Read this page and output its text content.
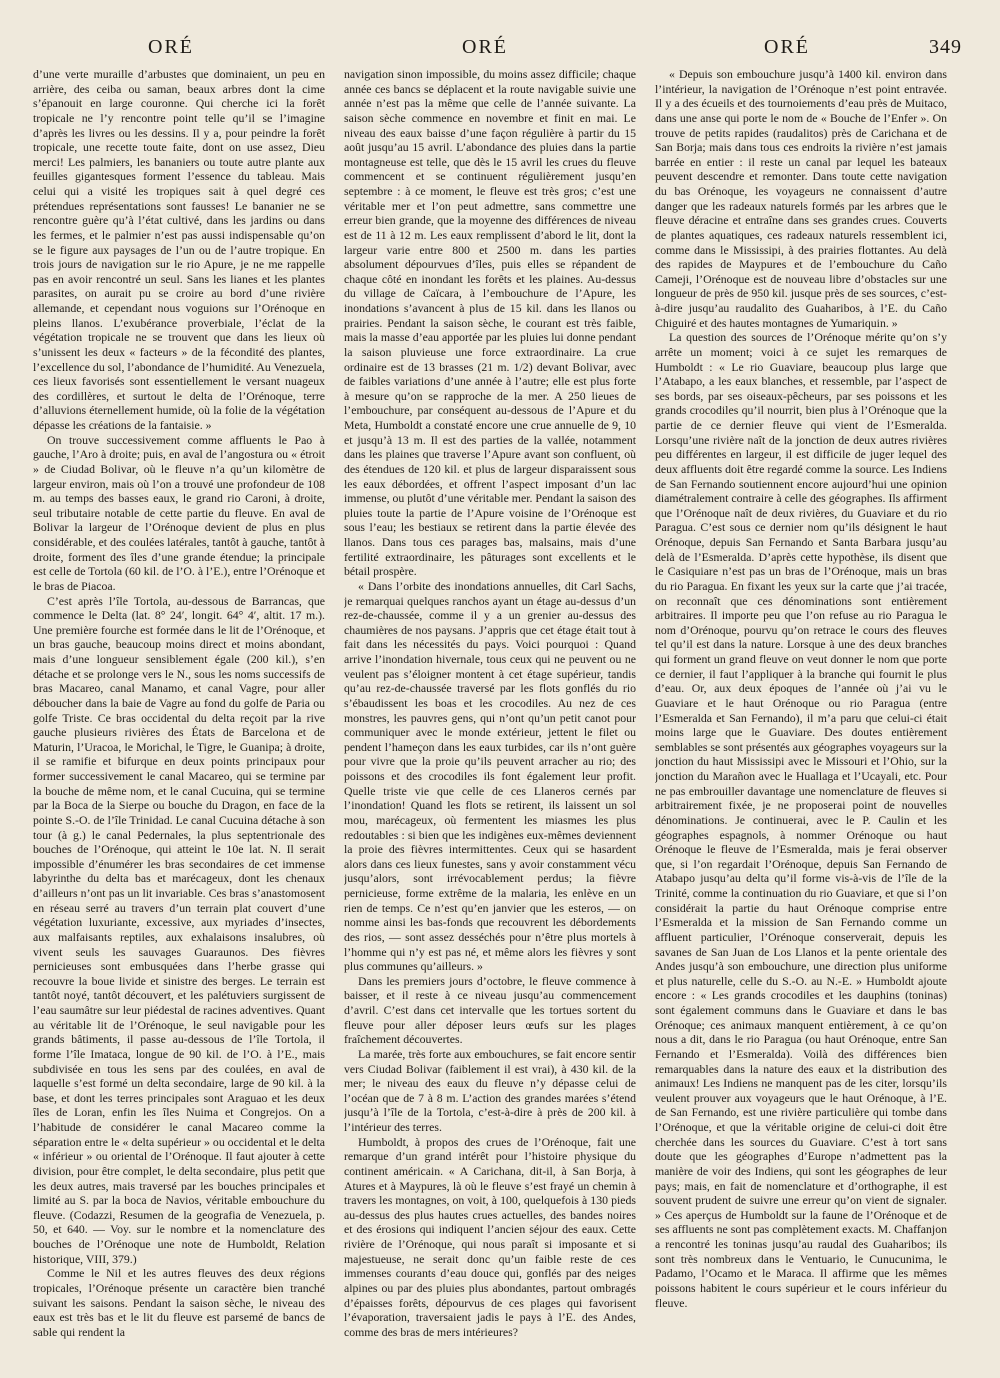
ORÉ	ORÉ	ORÉ	349

d’une verte muraille d’arbustes que dominaient, un peu en arrière, des ceiba ou saman, beaux arbres dont la cime s’épanouit en large couronne. Qui cherche ici la forêt tropicale ne l’y rencontre point telle qu’il se l’imagine d’après les livres ou les dessins. Il y a, pour peindre la forêt tropicale, une recette toute faite, dont on use assez, Dieu merci! Les palmiers, les bananiers ou toute autre plante aux feuilles gigantesques forment l’essence du tableau. Mais celui qui a visité les tropiques sait à quel degré ces prétendues représentations sont fausses! Le bananier ne se rencontre guère qu’à l’état cultivé, dans les jardins ou dans les fermes, et le palmier n’est pas aussi indispensable qu’on se le figure aux paysages de l’un ou de l’autre tropique. En trois jours de navigation sur le rio Apure, je ne me rappelle pas en avoir rencontré un seul. Sans les lianes et les plantes parasites, on aurait pu se croire au bord d’une rivière allemande, et cependant nous voguions sur l’Orénoque en pleins llanos. L’exubérance proverbiale, l’éclat de la végétation tropicale ne se trouvent que dans les lieux où s’unissent les deux « facteurs » de la fécondité des plantes, l’excellence du sol, l’abondance de l’humidité. Au Venezuela, ces lieux favorisés sont essentiellement le versant nuageux des cordillères, et surtout le delta de l’Orénoque, terre d’alluvions éternellement humide, où la folie de la végétation dépasse les créations de la fantaisie. »

On trouve successivement comme affluents le Pao à gauche, l’Aro à droite; puis, en aval de l’angostura ou « étroit » de Ciudad Bolivar, où le fleuve n’a qu’un kilomètre de largeur environ, mais où l’on a trouvé une profondeur de 108 m. au temps des basses eaux, le grand rio Caroni, à droite, seul tributaire notable de cette partie du fleuve. En aval de Bolivar la largeur de l’Orénoque devient de plus en plus considérable, et des coulées latérales, tantôt à gauche, tantôt à droite, forment des îles d’une grande étendue; la principale est celle de Tortola (60 kil. de l’O. à l’E.), entre l’Orénoque et le bras de Piacoa.

C’est après l’île Tortola, au-dessous de Barrancas, que commence le Delta (lat. 8° 24′, longit. 64° 4′, altit. 17 m.). Une première fourche est formée dans le lit de l’Orénoque, et un bras gauche, beaucoup moins direct et moins abondant, mais d’une longueur sensiblement égale (200 kil.), s’en détache et se prolonge vers le N., sous les noms successifs de bras Macareo, canal Manamo, et canal Vagre, pour aller déboucher dans la baie de Vagre au fond du golfe de Paria ou golfe Triste. Ce bras occidental du delta reçoit par la rive gauche plusieurs rivières des États de Barcelona et de Maturin, l’Uracoa, le Morichal, le Tigre, le Guanipa; à droite, il se ramifie et bifurque en deux points principaux pour former successivement le canal Macareo, qui se termine par la bouche de même nom, et le canal Cucuina, qui se termine par la Boca de la Sierpe ou bouche du Dragon, en face de la pointe S.-O. de l’île Trinidad. Le canal Cucuina détache à son tour (à g.) le canal Pedernales, la plus septentrionale des bouches de l’Orénoque, qui atteint le 10e lat. N. Il serait impossible d’énumérer les bras secondaires de cet immense labyrinthe du delta bas et marécageux, dont les chenaux d’ailleurs n’ont pas un lit invariable. Ces bras s’anastomosent en réseau serré au travers d’un terrain plat couvert d’une végétation luxuriante, excessive, aux myriades d’insectes, aux malfaisants reptiles, aux exhalaisons insalubres, où vivent seuls les sauvages Guaraunos. Des fièvres pernicieuses sont embusquées dans l’herbe grasse qui recouvre la boue livide et sinistre des berges. Le terrain est tantôt noyé, tantôt découvert, et les palétuviers surgissent de l’eau saumâtre sur leur piédestal de racines adventives. Quant au véritable lit de l’Orénoque, le seul navigable pour les grands bâtiments, il passe au-dessous de l’île Tortola, il forme l’île Imataca, longue de 90 kil. de l’O. à l’E., mais subdivisée en tous les sens par des coulées, en aval de laquelle s’est formé un delta secondaire, large de 90 kil. à la base, et dont les terres principales sont Araguao et les deux îles de Loran, enfin les îles Nuima et Congrejos. On a l’habitude de considérer le canal Macareo comme la séparation entre le « delta supérieur » ou occidental et le delta « inférieur » ou oriental de l’Orénoque. Il faut ajouter à cette division, pour être complet, le delta secondaire, plus petit que les deux autres, mais traversé par les bouches principales et limité au S. par la boca de Navios, véritable embouchure du fleuve. (Codazzi, Resumen de la geografia de Venezuela, p. 50, et 640. — Voy. sur le nombre et la nomenclature des bouches de l’Orénoque une note de Humboldt, Relation historique, VIII, 379.)

Comme le Nil et les autres fleuves des deux régions tropicales, l’Orénoque présente un caractère bien tranché suivant les saisons. Pendant la saison sèche, le niveau des eaux est très bas et le lit du fleuve est parsemé de bancs de sable qui rendent la

navigation sinon impossible, du moins assez difficile; chaque année ces bancs se déplacent et la route navigable suivie une année n’est pas la même que celle de l’année suivante. La saison sèche commence en novembre et finit en mai. Le niveau des eaux baisse d’une façon régulière à partir du 15 août jusqu’au 15 avril. L’abondance des pluies dans la partie montagneuse est telle, que dès le 15 avril les crues du fleuve commencent et se continuent régulièrement jusqu’en septembre : à ce moment, le fleuve est très gros; c’est une véritable mer et l’on peut admettre, sans commettre une erreur bien grande, que la moyenne des différences de niveau est de 11 à 12 m. Les eaux remplissent d’abord le lit, dont la largeur varie entre 800 et 2500 m. dans les parties absolument dépourvues d’îles, puis elles se répandent de chaque côté en inondant les forêts et les plaines. Au-dessus du village de Caïcara, à l’embouchure de l’Apure, les inondations s’avancent à plus de 15 kil. dans les llanos ou prairies. Pendant la saison sèche, le courant est très faible, mais la masse d’eau apportée par les pluies lui donne pendant la saison pluvieuse une force extraordinaire. La crue ordinaire est de 13 brasses (21 m. 1/2) devant Bolivar, avec de faibles variations d’une année à l’autre; elle est plus forte à mesure qu’on se rapproche de la mer. A 250 lieues de l’embouchure, par conséquent au-dessous de l’Apure et du Meta, Humboldt a constaté encore une crue annuelle de 9, 10 et jusqu’à 13 m. Il est des parties de la vallée, notamment dans les plaines que traverse l’Apure avant son confluent, où des étendues de 120 kil. et plus de largeur disparaissent sous les eaux débordées, et offrent l’aspect imposant d’un lac immense, ou plutôt d’une véritable mer. Pendant la saison des pluies toute la partie de l’Apure voisine de l’Orénoque est sous l’eau; les bestiaux se retirent dans la partie élevée des llanos. Dans tous ces parages bas, malsains, mais d’une fertilité extraordinaire, les pâturages sont excellents et le bétail prospère.

« Dans l’orbite des inondations annuelles, dit Carl Sachs, je remarquai quelques ranchos ayant un étage au-dessus d’un rez-de-chaussée, comme il y a un grenier au-dessus des chaumières de nos paysans. J’appris que cet étage était tout à fait dans les nécessités du pays. Voici pourquoi : Quand arrive l’inondation hivernale, tous ceux qui ne peuvent ou ne veulent pas s’éloigner montent à cet étage supérieur, tandis qu’au rez-de-chaussée traversé par les flots gonflés du rio s’ébaudissent les boas et les crocodiles. Au nez de ces monstres, les pauvres gens, qui n’ont qu’un petit canot pour communiquer avec le monde extérieur, jettent le filet ou pendent l’hameçon dans les eaux turbides, car ils n’ont guère pour vivre que la proie qu’ils peuvent arracher au rio; des poissons et des crocodiles ils font également leur profit. Quelle triste vie que celle de ces Llaneros cernés par l’inondation! Quand les flots se retirent, ils laissent un sol mou, marécageux, où fermentent les miasmes les plus redoutables : si bien que les indigènes eux-mêmes deviennent la proie des fièvres intermittentes. Ceux qui se hasardent alors dans ces lieux funestes, sans y avoir constamment vécu jusqu’alors, sont irrévocablement perdus; la fièvre pernicieuse, forme extrême de la malaria, les enlève en un rien de temps. Ce n’est qu’en janvier que les esteros, — on nomme ainsi les bas-fonds que recouvrent les débordements des rios, — sont assez desséchés pour n’être plus mortels à l’homme qui n’y est pas né, et même alors les fièvres y sont plus communes qu’ailleurs. »

Dans les premiers jours d’octobre, le fleuve commence à baisser, et il reste à ce niveau jusqu’au commencement d’avril. C’est dans cet intervalle que les tortues sortent du fleuve pour aller déposer leurs œufs sur les plages fraîchement découvertes.

La marée, très forte aux embouchures, se fait encore sentir vers Ciudad Bolivar (faiblement il est vrai), à 430 kil. de la mer; le niveau des eaux du fleuve n’y dépasse celui de l’océan que de 7 à 8 m. L’action des grandes marées s’étend jusqu’à l’île de la Tortola, c’est-à-dire à près de 200 kil. à l’intérieur des terres.

Humboldt, à propos des crues de l’Orénoque, fait une remarque d’un grand intérêt pour l’histoire physique du continent américain. « A Carichana, dit-il, à San Borja, à Atures et à Maypures, là où le fleuve s’est frayé un chemin à travers les montagnes, on voit, à 100, quelquefois à 130 pieds au-dessus des plus hautes crues actuelles, des bandes noires et des érosions qui indiquent l’ancien séjour des eaux. Cette rivière de l’Orénoque, qui nous paraît si imposante et si majestueuse, ne serait donc qu’un faible reste de ces immenses courants d’eau douce qui, gonflés par des neiges alpines ou par des pluies plus abondantes, partout ombragés d’épaisses forêts, dépourvus de ces plages qui favorisent l’évaporation, traversaient jadis le pays à l’E. des Andes, comme des bras de mers intérieures?

« Depuis son embouchure jusqu’à 1400 kil. environ dans l’intérieur, la navigation de l’Orénoque n’est point entravée. Il y a des écueils et des tournoiements d’eau près de Muitaco, dans une anse qui porte le nom de « Bouche de l’Enfer ». On trouve de petits rapides (raudalitos) près de Carichana et de San Borja; mais dans tous ces endroits la rivière n’est jamais barrée en entier : il reste un canal par lequel les bateaux peuvent descendre et remonter. Dans toute cette navigation du bas Orénoque, les voyageurs ne connaissent d’autre danger que les radeaux naturels formés par les arbres que le fleuve déracine et entraîne dans ses grandes crues. Couverts de plantes aquatiques, ces radeaux naturels ressemblent ici, comme dans le Mississipi, à des prairies flottantes. Au delà des rapides de Maypures et de l’embouchure du Caño Cameji, l’Orénoque est de nouveau libre d’obstacles sur une longueur de près de 950 kil. jusque près de ses sources, c’est-à-dire jusqu’au raudalito des Guaharibos, à l’E. du Caño Chiguiré et des hautes montagnes de Yumariquin. »

La question des sources de l’Orénoque mérite qu’on s’y arrête un moment; voici à ce sujet les remarques de Humboldt : « Le rio Guaviare, beaucoup plus large que l’Atabapo, a les eaux blanches, et ressemble, par l’aspect de ses bords, par ses oiseaux-pêcheurs, par ses poissons et les grands crocodiles qu’il nourrit, bien plus à l’Orénoque que la partie de ce dernier fleuve qui vient de l’Esmeralda. Lorsqu’une rivière naît de la jonction de deux autres rivières peu différentes en largeur, il est difficile de juger lequel des deux affluents doit être regardé comme la source. Les Indiens de San Fernando soutiennent encore aujourd’hui une opinion diamétralement contraire à celle des géographes. Ils affirment que l’Orénoque naît de deux rivières, du Guaviare et du rio Paragua. C’est sous ce dernier nom qu’ils désignent le haut Orénoque, depuis San Fernando et Santa Barbara jusqu’au delà de l’Esmeralda. D’après cette hypothèse, ils disent que le Casiquiare n’est pas un bras de l’Orénoque, mais un bras du rio Paragua. En fixant les yeux sur la carte que j’ai tracée, on reconnaît que ces dénominations sont entièrement arbitraires. Il importe peu que l’on refuse au rio Paragua le nom d’Orénoque, pourvu qu’on retrace le cours des fleuves tel qu’il est dans la nature. Lorsque à une des deux branches qui forment un grand fleuve on veut donner le nom que porte ce dernier, il faut l’appliquer à la branche qui fournit le plus d’eau. Or, aux deux époques de l’année où j’ai vu le Guaviare et le haut Orénoque ou rio Paragua (entre l’Esmeralda et San Fernando), il m’a paru que celui-ci était moins large que le Guaviare. Des doutes entièrement semblables se sont présentés aux géographes voyageurs sur la jonction du haut Mississipi avec le Missouri et l’Ohio, sur la jonction du Marañon avec le Huallaga et l’Ucayali, etc. Pour ne pas embrouiller davantage une nomenclature de fleuves si arbitrairement fixée, je ne proposerai point de nouvelles dénominations. Je continuerai, avec le P. Caulin et les géographes espagnols, à nommer Orénoque ou haut Orénoque le fleuve de l’Esmeralda, mais je ferai observer que, si l’on regardait l’Orénoque, depuis San Fernando de Atabapo jusqu’au delta qu’il forme vis-à-vis de l’île de la Trinité, comme la continuation du rio Guaviare, et que si l’on considérait la partie du haut Orénoque comprise entre l’Esmeralda et la mission de San Fernando comme un affluent particulier, l’Orénoque conserverait, depuis les savanes de San Juan de Los Llanos et la pente orientale des Andes jusqu’à son embouchure, une direction plus uniforme et plus naturelle, celle du S.-O. au N.-E. » Humboldt ajoute encore : « Les grands crocodiles et les dauphins (toninas) sont également communs dans le Guaviare et dans le bas Orénoque; ces animaux manquent entièrement, à ce qu’on nous a dit, dans le rio Paragua (ou haut Orénoque, entre San Fernando et l’Esmeralda). Voilà des différences bien remarquables dans la nature des eaux et la distribution des animaux! Les Indiens ne manquent pas de les citer, lorsqu’ils veulent prouver aux voyageurs que le haut Orénoque, à l’E. de San Fernando, est une rivière particulière qui tombe dans l’Orénoque, et que la véritable origine de celui-ci doit être cherchée dans les sources du Guaviare. C’est à tort sans doute que les géographes d’Europe n’admettent pas la manière de voir des Indiens, qui sont les géographes de leur pays; mais, en fait de nomenclature et d’orthographe, il est souvent prudent de suivre une erreur qu’on vient de signaler. » Ces aperçus de Humboldt sur la faune de l’Orénoque et de ses affluents ne sont pas complètement exacts. M. Chaffanjon a rencontré les toninas jusqu’au raudal des Guaharibos; ils sont très nombreux dans le Ventuario, le Cunucunima, le Padamo, l’Ocamo et le Maraca. Il affirme que les mêmes poissons habitent le cours supérieur et le cours inférieur du fleuve.
